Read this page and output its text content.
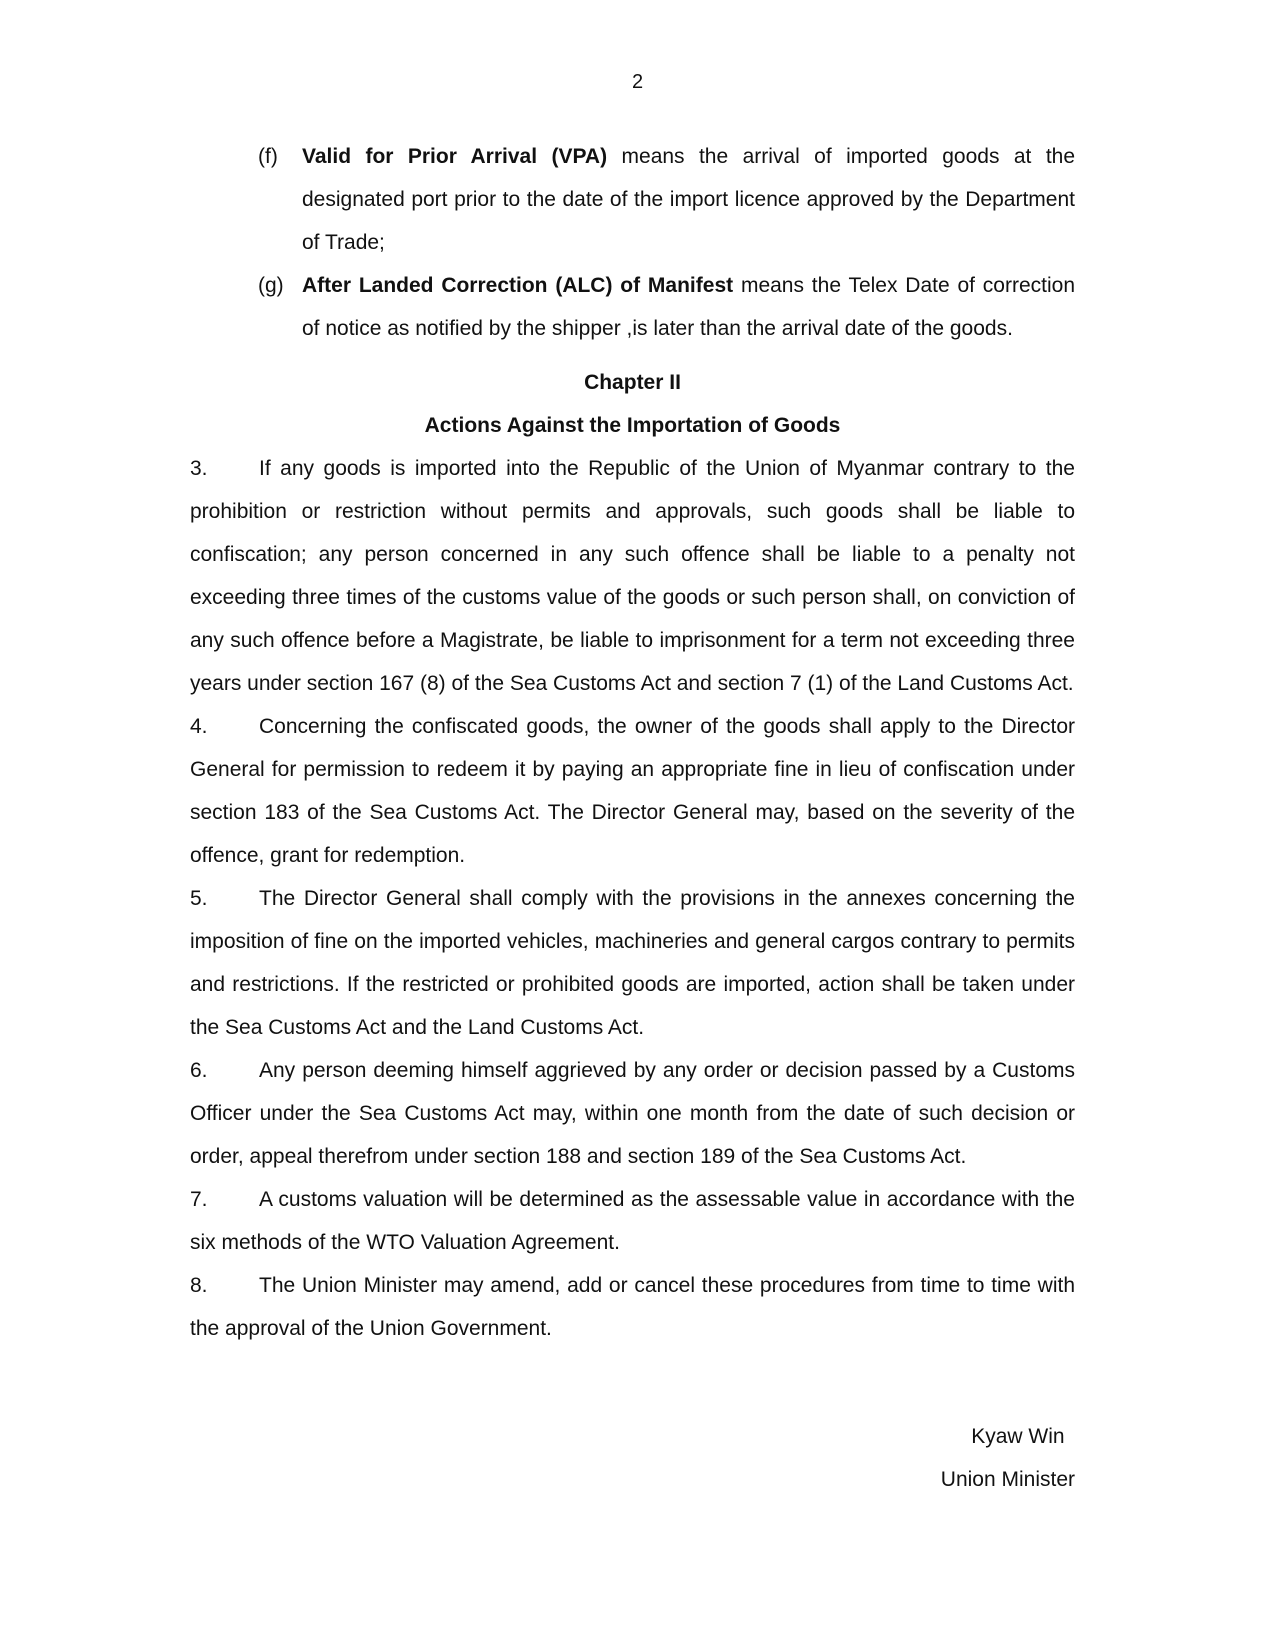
2
(f)	Valid for Prior Arrival (VPA) means the arrival of imported goods at the designated port prior to the date of the import licence approved by the Department of Trade;
(g) After Landed Correction (ALC) of Manifest means the Telex Date of correction of notice as notified by the shipper ,is later than the arrival date of the goods.
Chapter II
Actions Against the Importation of Goods
3. If any goods is imported into the Republic of the Union of Myanmar contrary to the prohibition or restriction without permits and approvals, such goods shall be liable to confiscation; any person concerned in any such offence shall be liable to a penalty not exceeding three times of the customs value of the goods or such person shall, on conviction of any such offence before a Magistrate, be liable to imprisonment for a term not exceeding three years under section 167 (8) of the Sea Customs Act and section 7 (1) of the Land Customs Act.
4. Concerning the confiscated goods, the owner of the goods shall apply to the Director General for permission to redeem it by paying an appropriate fine in lieu of confiscation under section 183 of the Sea Customs Act. The Director General may, based on the severity of the offence, grant for redemption.
5. The Director General shall comply with the provisions in the annexes concerning the imposition of fine on the imported vehicles, machineries and general cargos contrary to permits and restrictions. If the restricted or prohibited goods are imported, action shall be taken under the Sea Customs Act and the Land Customs Act.
6. Any person deeming himself aggrieved by any order or decision passed by a Customs Officer under the Sea Customs Act may, within one month from the date of such decision or order, appeal therefrom under section 188 and section 189 of the Sea Customs Act.
7. A customs valuation will be determined as the assessable value in accordance with the six methods of the WTO Valuation Agreement.
8. The Union Minister may amend, add or cancel these procedures from time to time with the approval of the Union Government.
Kyaw Win
Union Minister
